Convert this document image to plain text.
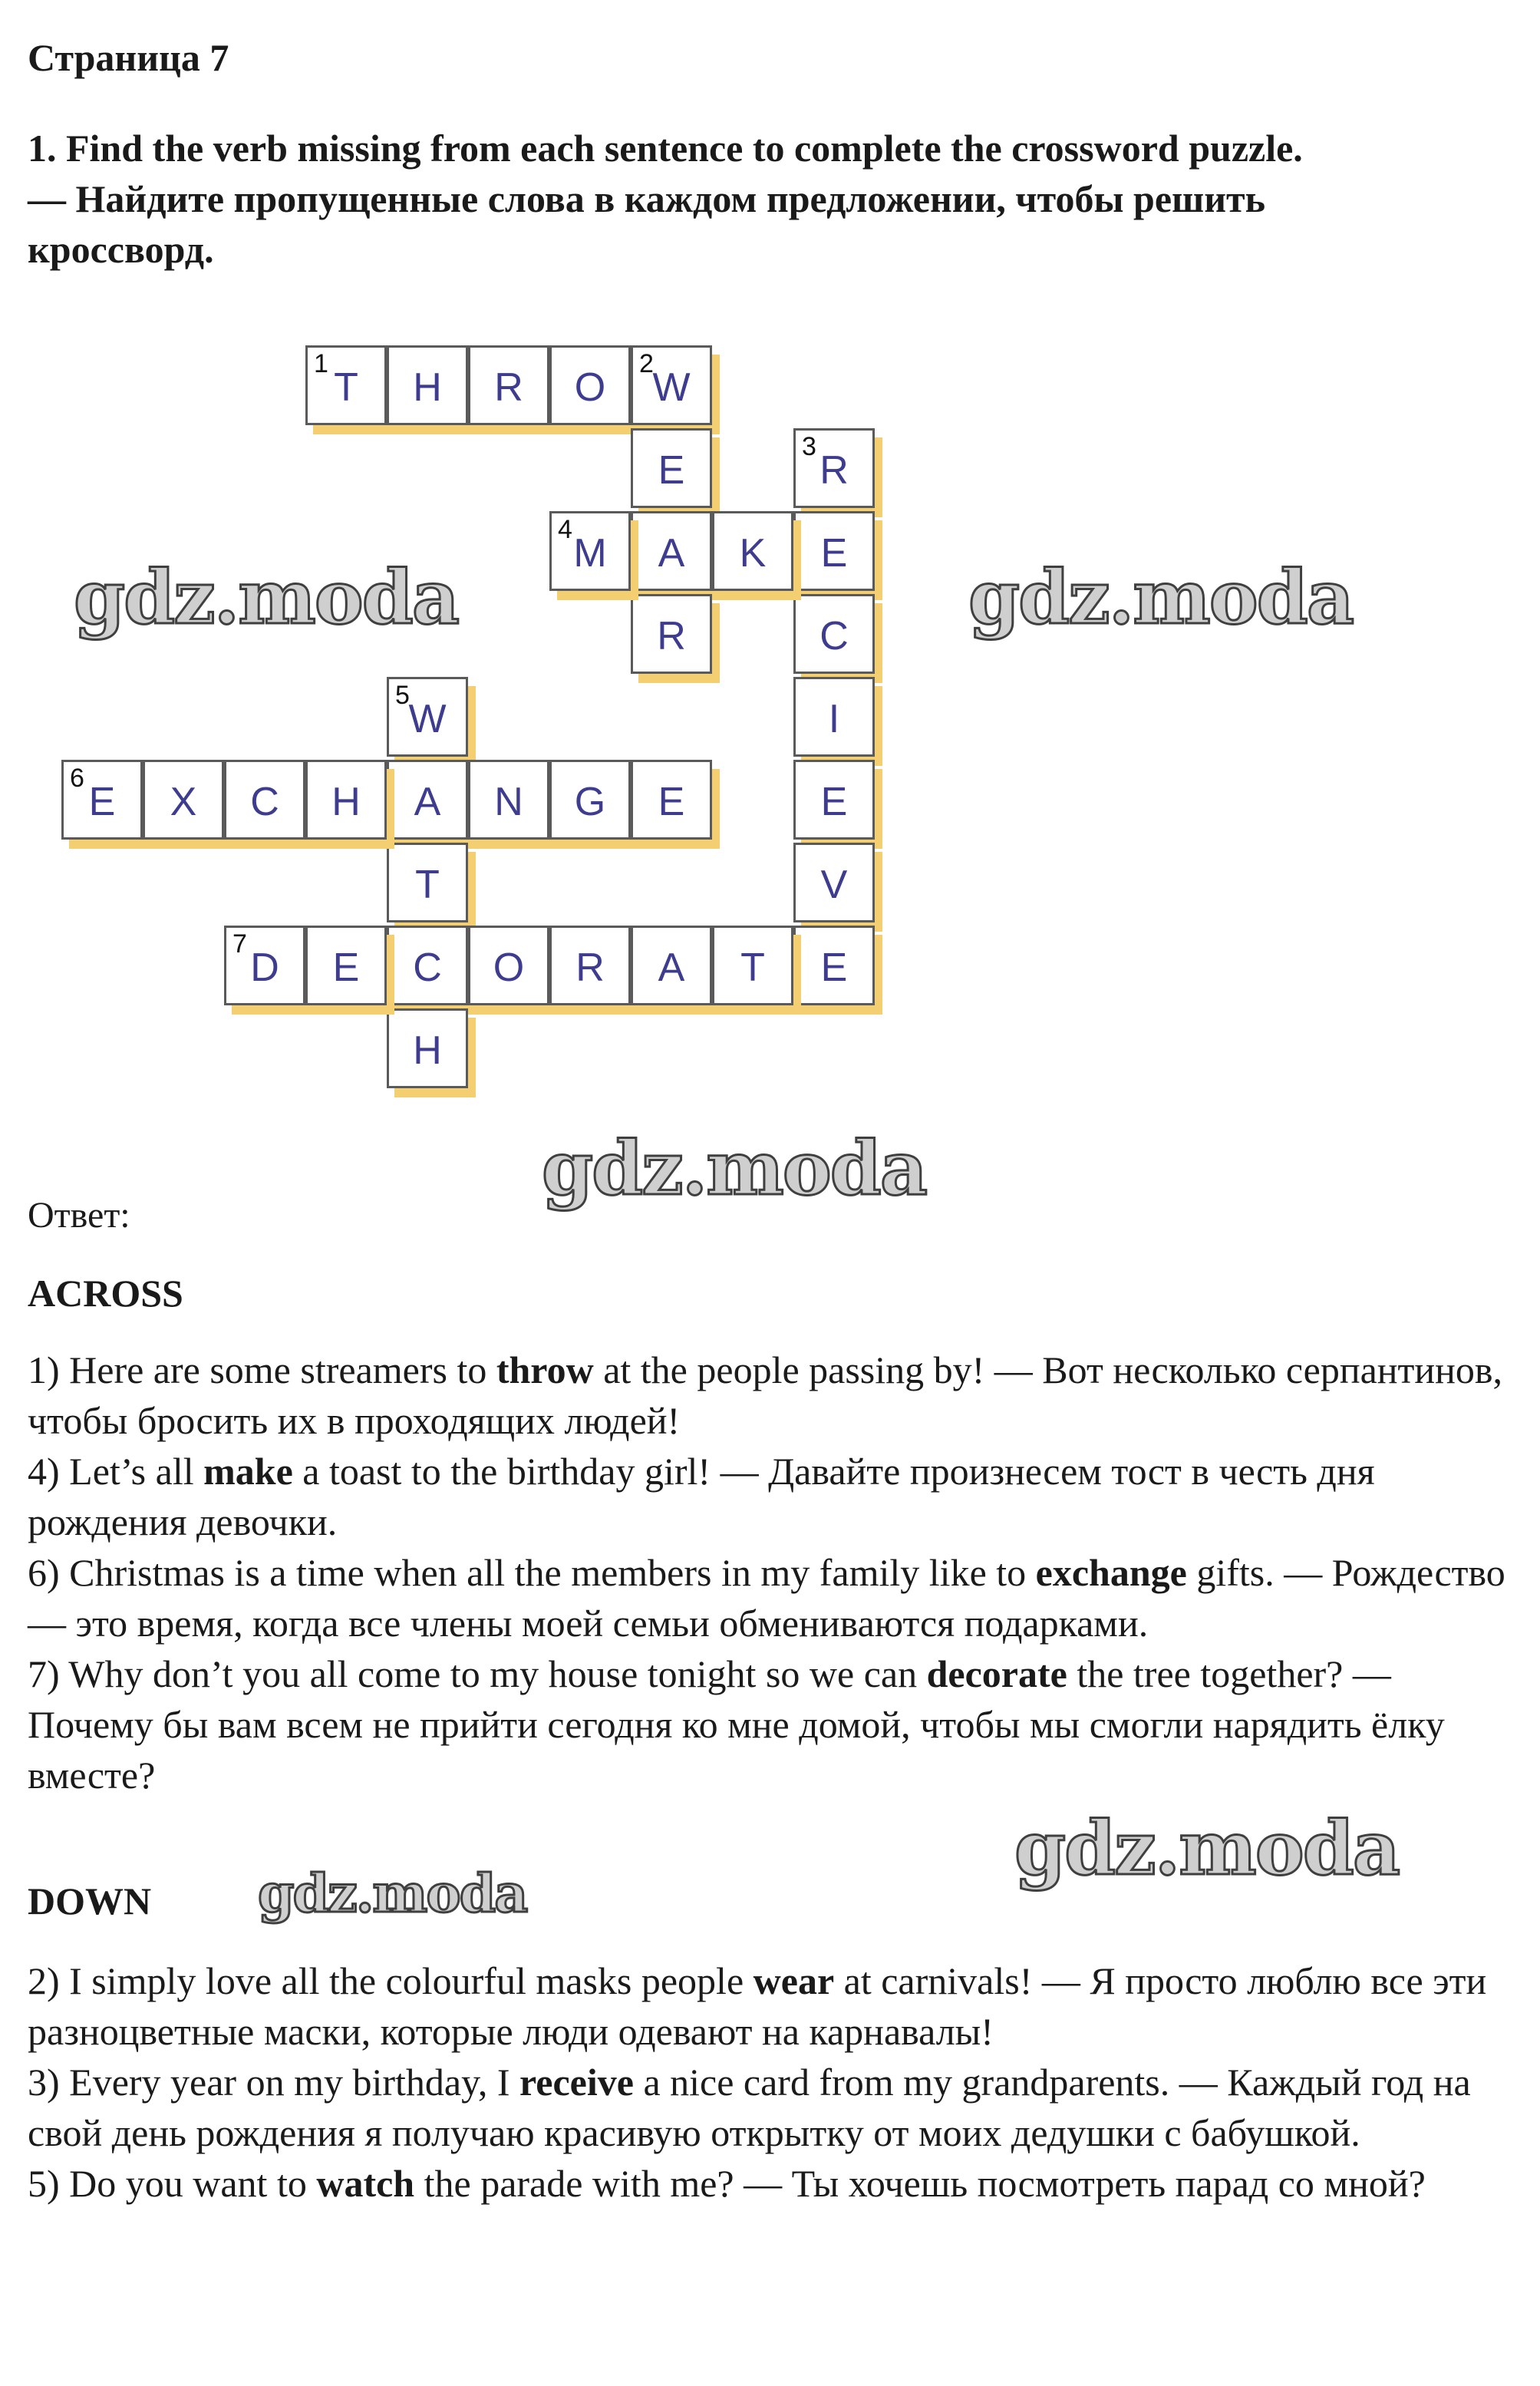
Страница 7
1. Find the verb missing from each sentence to complete the crossword puzzle.
— Найдите пропущенные слова в каждом предложении, чтобы решить
кроссворд.
1
T	H	R	O
2
W
E
A
R
3
R
E
C
I
E
V
E
4
M	K
5
W
A
T
C
H
6
E	X	C	H	N	G	E
7
D	E	O	R	A	T
gdz.moda	gdz.moda
gdz.moda
gdz.moda
gdz.moda
Ответ:
ACROSS

1) Here are some streamers to throw at the people passing by! — Вот несколько серпантинов, чтобы бросить их в проходящих людей!

4) Let’s all make a toast to the birthday girl! — Давайте произнесем тост в честь дня рождения девочки.

6) Christmas is a time when all the members in my family like to exchange gifts. — Рождество — это время, когда все члены моей семьи обмениваются подарками.

7) Why don’t you all come to my house tonight so we can decorate the tree together? — Почему бы вам всем не прийти сегодня ко мне домой, чтобы мы смогли нарядить ёлку вместе?

DOWN

2) I simply love all the colourful masks people wear at carnivals! — Я просто люблю все эти разноцветные маски, которые люди одевают на карнавалы!

3) Every year on my birthday, I receive a nice card from my grandparents. — Каждый год на свой день рождения я получаю красивую открытку от моих дедушки с бабушкой.

5) Do you want to watch the parade with me? — Ты хочешь посмотреть парад со мной?
